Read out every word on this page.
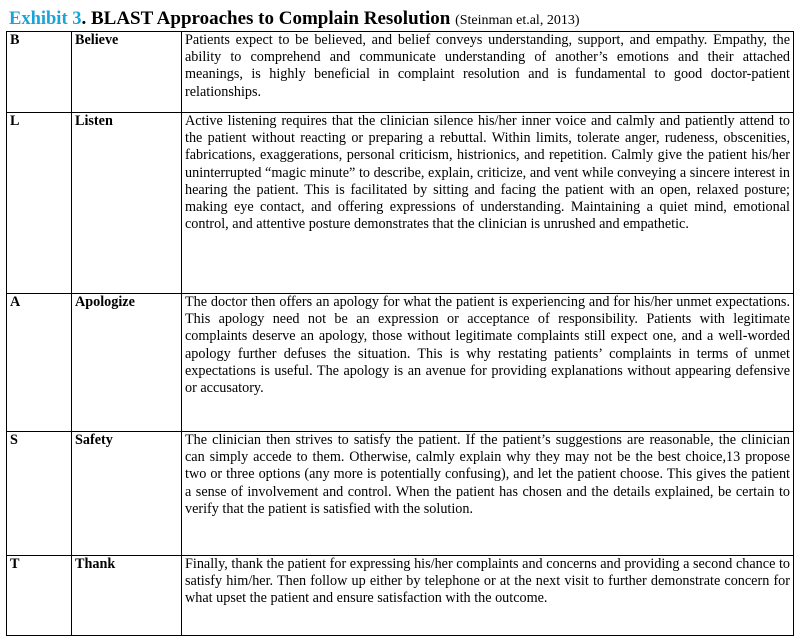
Exhibit 3. BLAST Approaches to Complain Resolution (Steinman et.al, 2013)
B	Believe	Patients expect to be believed, and belief conveys understanding, support, and empathy. Empathy, the ability to comprehend and communicate understanding of another’s emotions and their attached meanings, is highly beneficial in complaint resolution and is fundamental to good doctor-patient relationships.
L	Listen	Active listening requires that the clinician silence his/her inner voice and calmly and patiently attend to the patient without reacting or preparing a rebuttal. Within limits, tolerate anger, rudeness, obscenities, fabrications, exaggerations, personal criticism, histrionics, and repetition. Calmly give the patient his/her uninterrupted “magic minute” to describe, explain, criticize, and vent while conveying a sincere interest in hearing the patient. This is facilitated by sitting and facing the patient with an open, relaxed posture; making eye contact, and offering expressions of understanding. Maintaining a quiet mind, emotional control, and attentive posture demonstrates that the clinician is unrushed and empathetic.
A	Apologize	The doctor then offers an apology for what the patient is experiencing and for his/her unmet expectations. This apology need not be an expression or acceptance of responsibility. Patients with legitimate complaints deserve an apology, those without legitimate complaints still expect one, and a well-worded apology further defuses the situation. This is why restating patients’ complaints in terms of unmet expectations is useful. The apology is an avenue for providing explanations without appearing defensive or accusatory.
S	Safety	The clinician then strives to satisfy the patient. If the patient’s suggestions are reasonable, the clinician can simply accede to them. Otherwise, calmly explain why they may not be the best choice,13 propose two or three options (any more is potentially confusing), and let the patient choose. This gives the patient a sense of involvement and control. When the patient has chosen and the details explained, be certain to verify that the patient is satisfied with the solution.
T	Thank	Finally, thank the patient for expressing his/her complaints and concerns and providing a second chance to satisfy him/her. Then follow up either by telephone or at the next visit to further demonstrate concern for what upset the patient and ensure satisfaction with the outcome.
